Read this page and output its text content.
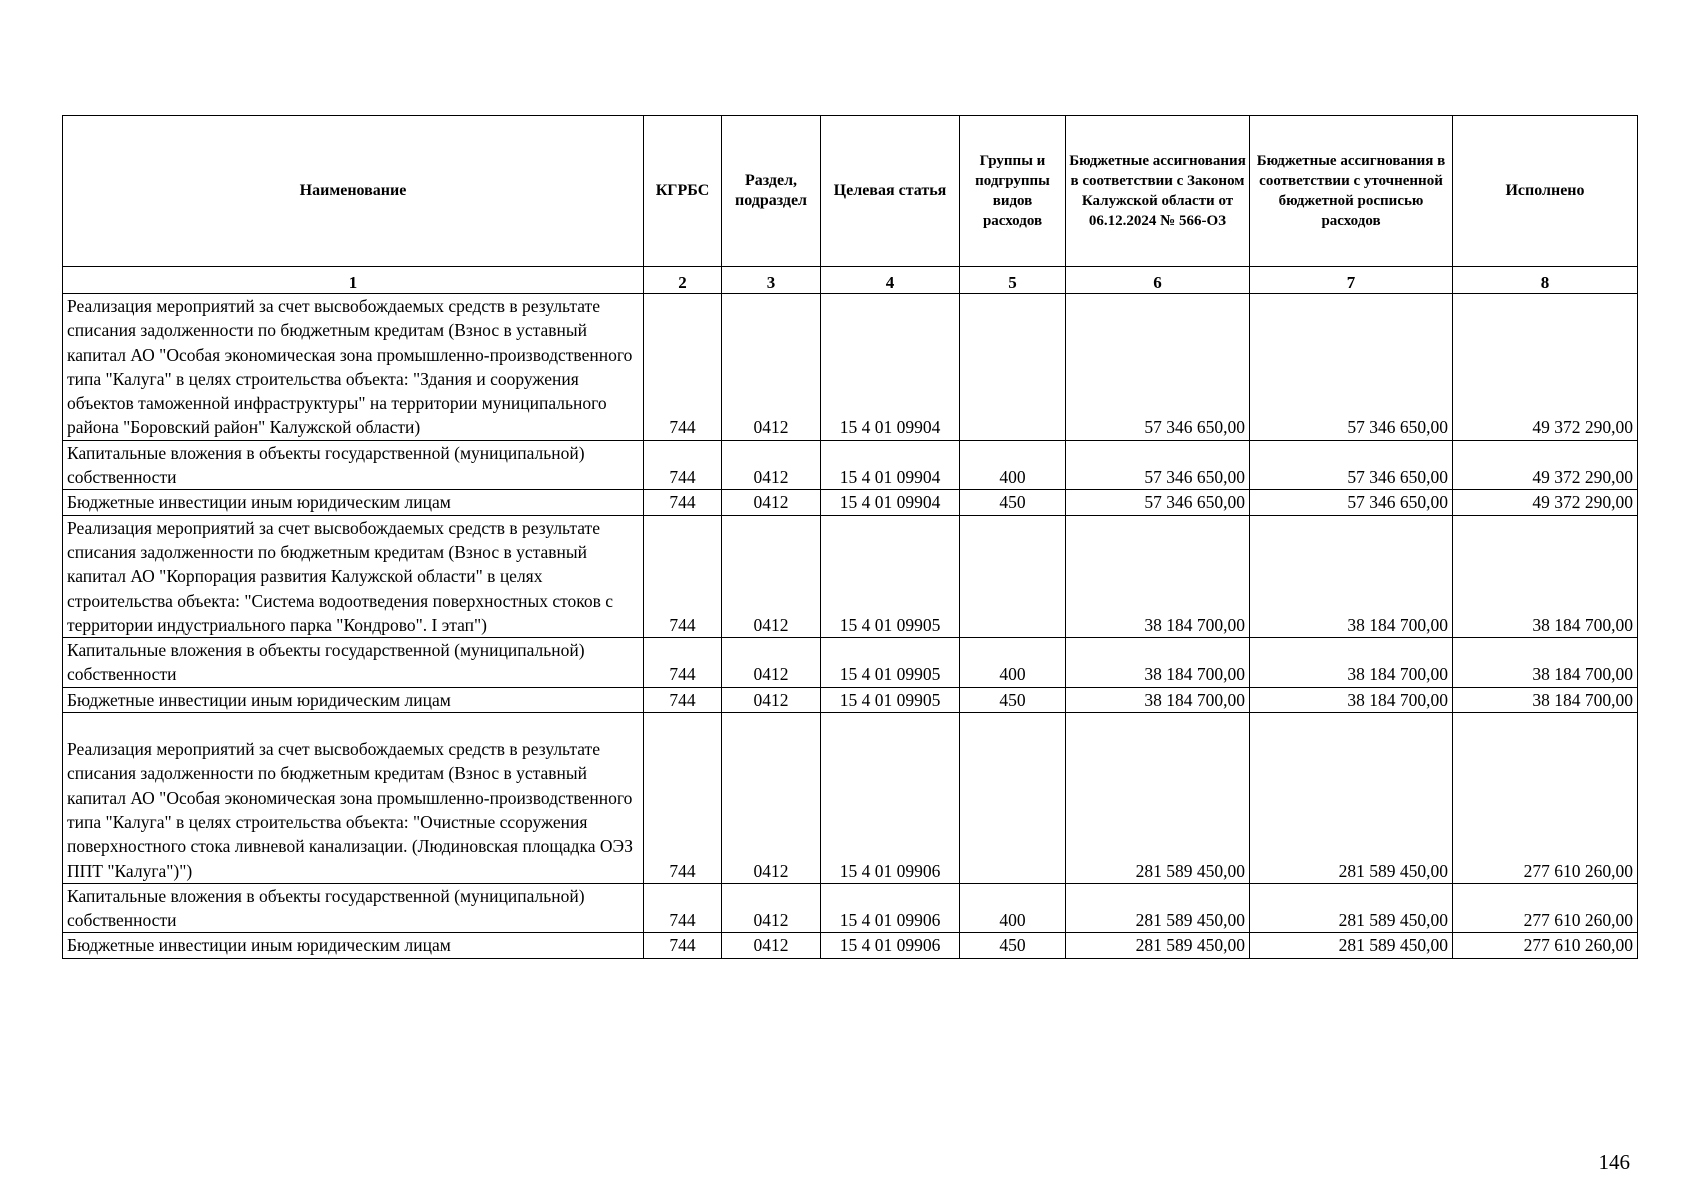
Наименование	КГРБС	Раздел, подраздел	Целевая статья	Группы и подгруппы видов расходов	Бюджетные ассигнования в соответствии с Законом Калужской области от 06.12.2024 № 566-ОЗ	Бюджетные ассигнования в соответствии с уточненной бюджетной росписью расходов	Исполнено
1	2	3	4	5	6	7	8
Реализация мероприятий за счет высвобождаемых средств в результате списания задолженности по бюджетным кредитам (Взнос в уставный капитал АО "Особая экономическая зона промышленно-производственного типа "Калуга" в целях строительства объекта: "Здания и сооружения объектов таможенной инфраструктуры" на территории муниципального района "Боровский район" Калужской области)	744	0412	15 4 01 09904		57 346 650,00	57 346 650,00	49 372 290,00
Капитальные вложения в объекты государственной (муниципальной) собственности	744	0412	15 4 01 09904	400	57 346 650,00	57 346 650,00	49 372 290,00
Бюджетные инвестиции иным юридическим лицам	744	0412	15 4 01 09904	450	57 346 650,00	57 346 650,00	49 372 290,00
Реализация мероприятий за счет высвобождаемых средств в результате списания задолженности по бюджетным кредитам (Взнос в уставный капитал АО "Корпорация развития Калужской области" в целях строительства объекта: "Система водоотведения поверхностных стоков с территории индустриального парка "Кондрово". I этап")	744	0412	15 4 01 09905		38 184 700,00	38 184 700,00	38 184 700,00
Капитальные вложения в объекты государственной (муниципальной) собственности	744	0412	15 4 01 09905	400	38 184 700,00	38 184 700,00	38 184 700,00
Бюджетные инвестиции иным юридическим лицам	744	0412	15 4 01 09905	450	38 184 700,00	38 184 700,00	38 184 700,00
Реализация мероприятий за счет высвобождаемых средств в результате списания задолженности по бюджетным кредитам (Взнос в уставный капитал АО "Особая экономическая зона промышленно-производственного типа "Калуга" в целях строительства объекта: "Очистные ссоружения поверхностного стока ливневой канализации. (Людиновская площадка ОЭЗ ППТ "Калуга")")	744	0412	15 4 01 09906		281 589 450,00	281 589 450,00	277 610 260,00
Капитальные вложения в объекты государственной (муниципальной) собственности	744	0412	15 4 01 09906	400	281 589 450,00	281 589 450,00	277 610 260,00
Бюджетные инвестиции иным юридическим лицам	744	0412	15 4 01 09906	450	281 589 450,00	281 589 450,00	277 610 260,00
146
